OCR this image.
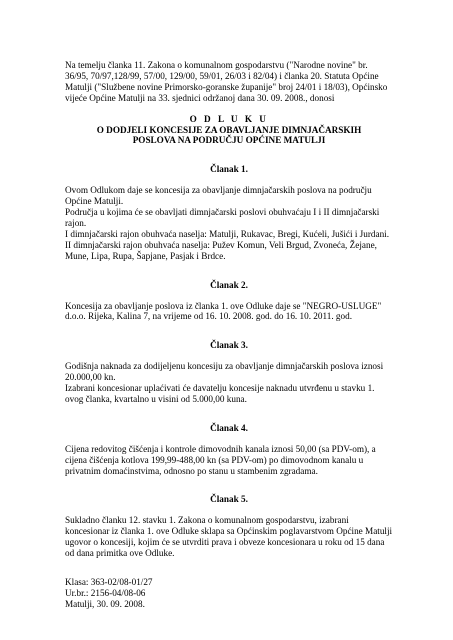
Na temelju članka 11. Zakona o komunalnom gospodarstvu ("Narodne novine" br. 36/95, 70/97,128/99, 57/00, 129/00, 59/01, 26/03 i 82/04) i članka 20. Statuta Općine Matulji ("Službene novine Primorsko-goranske županije" broj 24/01 i 18/03), Općinsko vijeće Općine Matulji na 33. sjednici održanoj dana 30. 09. 2008., donosi

O D L U K U

O DODJELI KONCESIJE ZA OBAVLJANJE DIMNJAČARSKIH
POSLOVA NA PODRUČJU OPĆINE MATULJI

Članak 1.

Ovom Odlukom daje se koncesija za obavljanje dimnjačarskih poslova na području Općine Matulji.

Područja u kojima će se obavljati dimnjačarski poslovi obuhvaćaju I i II dimnjačarski rajon.

I dimnjačarski rajon obuhvaća naselja: Matulji, Rukavac, Bregi, Kućeli, Jušići i Jurdani.

II dimnjačarski rajon obuhvaća naselja: Pužev Komun, Veli Brgud, Zvoneća, Žejane, Mune, Lipa, Rupa, Šapjane, Pasjak i Brdce.

Članak 2.

Koncesija za obavljanje poslova iz članka 1. ove Odluke daje se "NEGRO-USLUGE" d.o.o. Rijeka, Kalina 7, na vrijeme od 16. 10. 2008. god. do 16. 10. 2011. god.

Članak 3.

Godišnja naknada za dodijeljenu koncesiju za obavljanje dimnjačarskih poslova iznosi 20.000,00 kn.

Izabrani koncesionar uplaćivati će davatelju koncesije naknadu utvrđenu u stavku 1. ovog članka, kvartalno u visini od 5.000,00 kuna.

Članak 4.

Cijena redovitog čišćenja i kontrole dimovodnih kanala iznosi 50,00 (sa PDV-om), a cijena čišćenja kotlova 199,99-488,00 kn (sa PDV-om) po dimovodnom kanalu u privatnim domaćinstvima, odnosno po stanu u stambenim zgradama.

Članak 5.

Sukladno članku 12. stavku 1. Zakona o komunalnom gospodarstvu, izabrani koncesionar iz članka 1. ove Odluke sklapa sa Općinskim poglavarstvom Općine Matulji ugovor o koncesiji, kojim će se utvrditi prava i obveze koncesionara u roku od 15 dana od dana primitka ove Odluke.

Klasa: 363-02/08-01/27

Ur.br.: 2156-04/08-06

Matulji, 30. 09. 2008.
